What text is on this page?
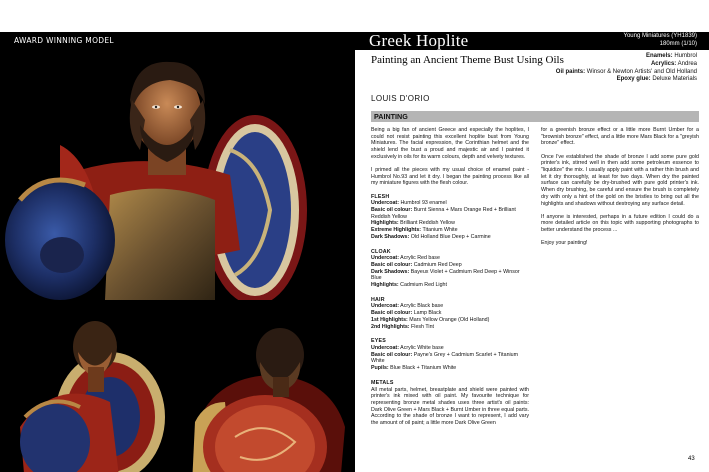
AWARD WINNING MODEL	Greek Hoplite	Young Miniatures (YH1839)
180mm (1/10)
Painting an Ancient Theme Bust Using Oils	Enamels: Humbrol
Acrylics: Andrea
Oil paints: Winsor & Newton Artists' and Old Holland
Epoxy glue: Deluxe Materials
LOUIS D'ORIO
PAINTING

Being a big fan of ancient Greece and especially the hoplites, I could not resist painting this excellent hoplite bust from Young Miniatures. The facial expression, the Corinthian helmet and the shield lend the bust a proud and majestic air and I painted it exclusively in oils for its warm colours, depth and velvety textures.

I primed all the pieces with my usual choice of enamel paint - Humbrol No.93 and let it dry. I began the painting process like all my miniature figures with the flesh colour.

FLESH
Undercoat: Humbrol 93 enamel
Basic oil colour: Burnt Sienna + Mars Orange Red + Brilliant Reddish Yellow
Highlights: Brilliant Reddish Yellow
Extreme Highlights: Titanium White
Dark Shadows: Old Holland Blue Deep + Carmine
CLOAK
Undercoat: Acrylic Red base
Basic oil colour: Cadmium Red Deep
Dark Shadows: Bayeux Violet + Cadmium Red Deep + Winsor Blue
Highlights: Cadmium Red Light
HAIR
Undercoat: Acrylic Black base
Basic oil colour: Lamp Black
1st Highlights: Mars Yellow Orange (Old Holland)
2nd Highlights: Flesh Tint
EYES
Undercoat: Acrylic White base
Basic oil colour: Payne's Grey + Cadmium Scarlet + Titanium White
Pupils: Blue Black + Titanium White
METALS

All metal parts, helmet, breastplate and shield were painted with printer's ink mixed with oil paint. My favourite technique for representing bronze metal shades uses three artist's oil paints: Dark Olive Green + Mars Black + Burnt Umber in three equal parts. According to the shade of bronze I want to represent, I add vary the amount of oil paint; a little more Dark Olive Green

for a greenish bronze effect or a little more Burnt Umber for a "brownish bronze" effect, and a little more Mars Black for a "greyish bronze" effect.

Once I've established the shade of bronze I add some pure gold printer's ink, stirred well in then add some petroleum essence to "liquidize" the mix. I usually apply paint with a rather thin brush and let it dry thoroughly, at least for two days. When dry the painted surface can carefully be dry-brushed with pure gold printer's ink. When dry brushing, be careful and ensure the brush is completely dry with only a hint of the gold on the bristles to bring out all the highlights and shadows without destroying any surface detail.

If anyone is interested, perhaps in a future edition I could do a more detailed article on this topic with supporting photographs to better understand the process ...

Enjoy your painting!

42	43
